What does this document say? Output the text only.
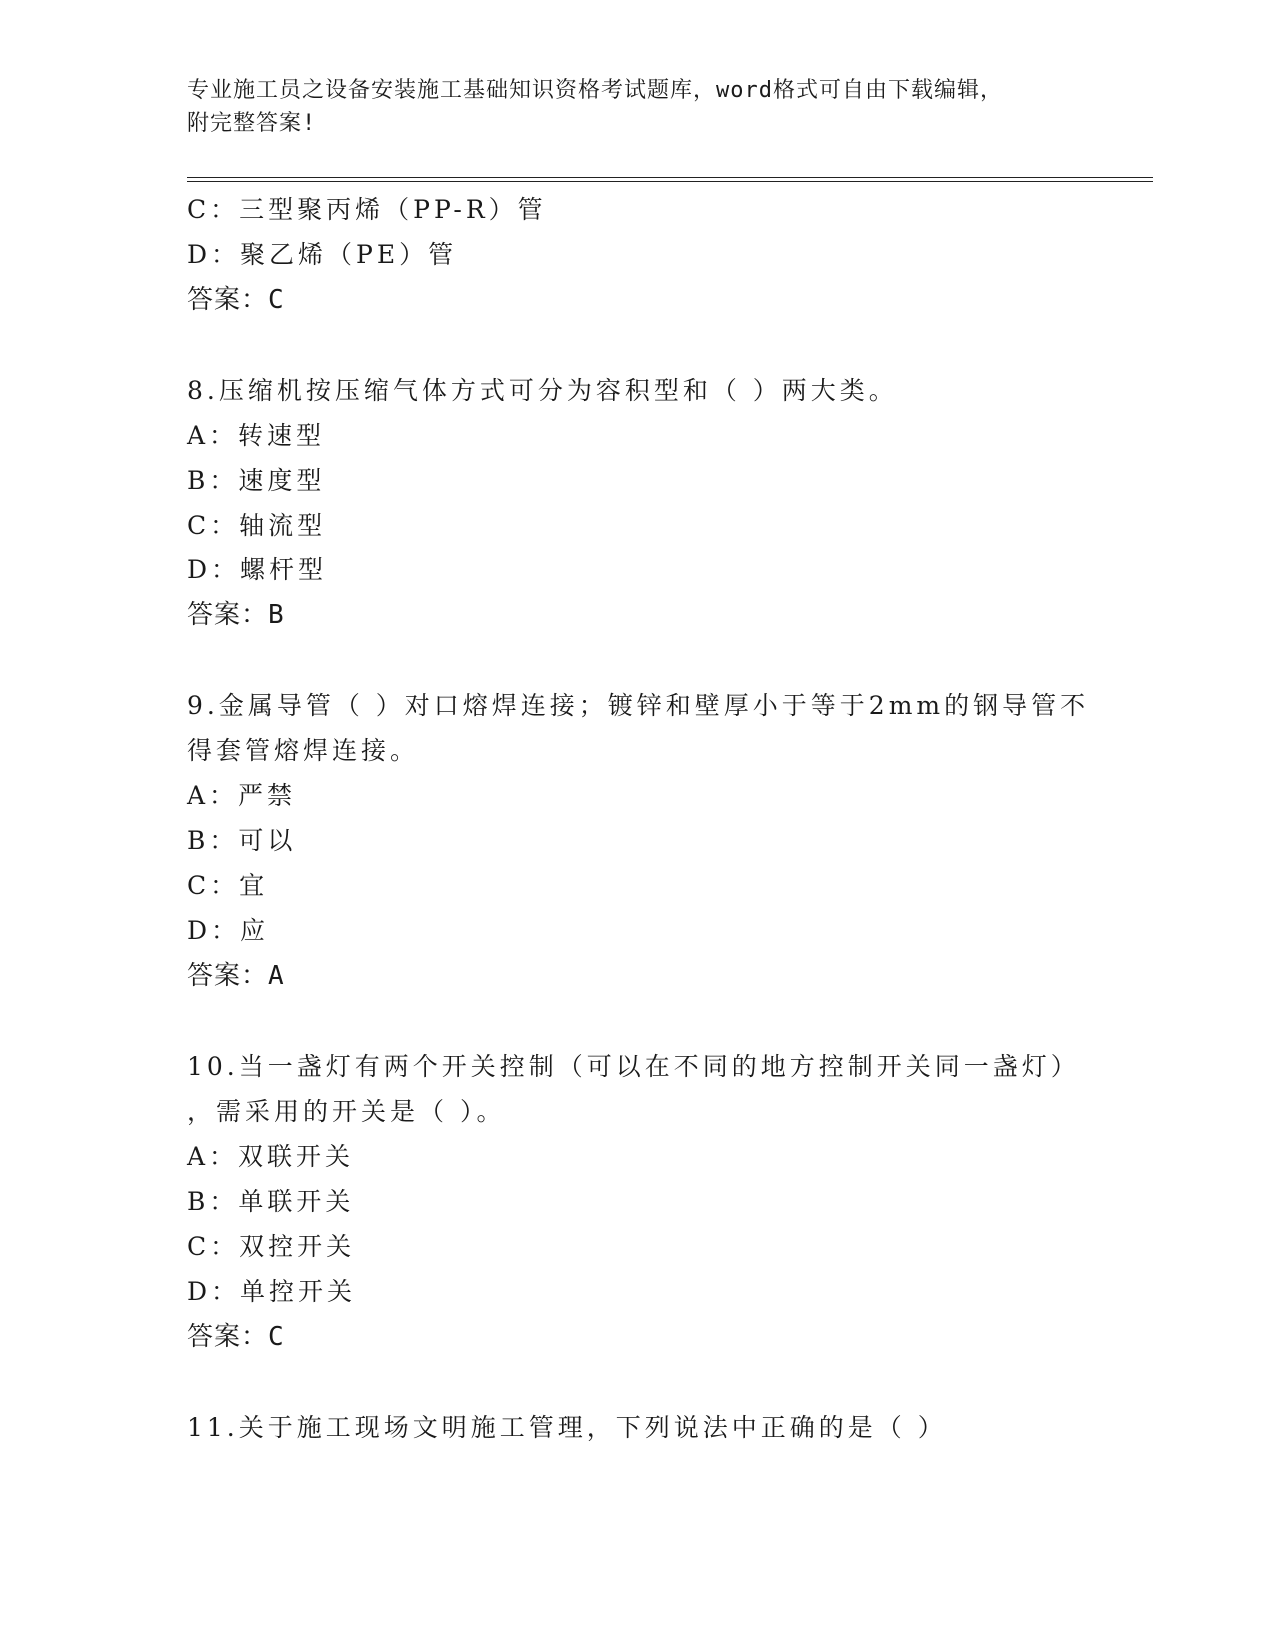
专业施工员之设备安装施工基础知识资格考试题库，word格式可自由下载编辑，
附完整答案!
C：三型聚丙烯（PP-R）管
D：聚乙烯（PE）管
答案：C
8.压缩机按压缩气体方式可分为容积型和（ ）两大类。
A：转速型
B：速度型
C：轴流型
D：螺杆型
答案：B
9.金属导管（ ）对口熔焊连接；镀锌和壁厚小于等于2mm的钢导管不
得套管熔焊连接。
A：严禁
B：可以
C：宜
D：应
答案：A
10.当一盏灯有两个开关控制（可以在不同的地方控制开关同一盏灯）
，需采用的开关是（ ）。
A：双联开关
B：单联开关
C：双控开关
D：单控开关
答案：C
11.关于施工现场文明施工管理，下列说法中正确的是（ ）
